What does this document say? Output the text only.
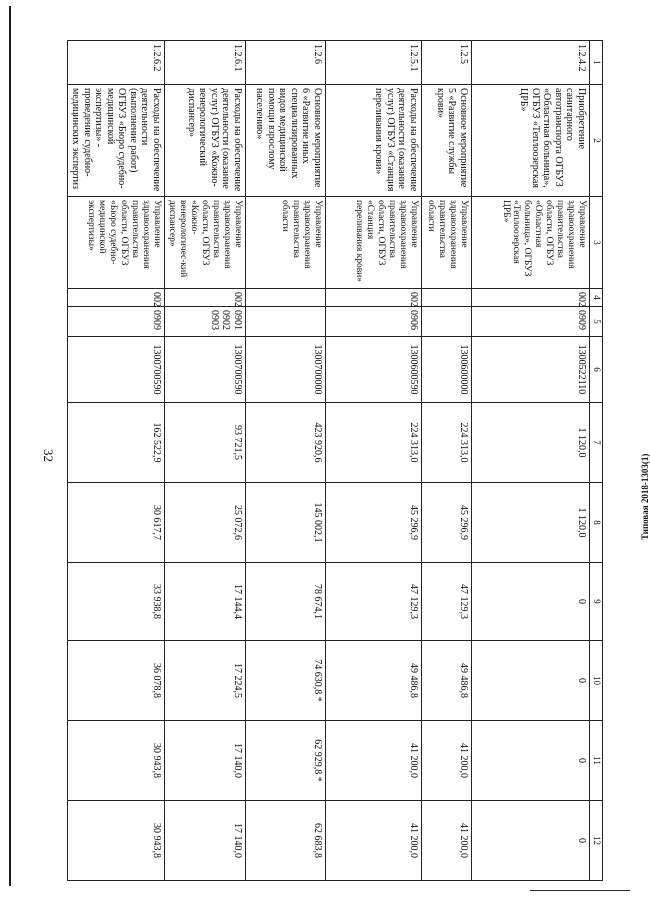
32	Типовая 2018-1303(1)
1	2	3	4	5	6	7	8	9	10	11	12
1.2.4.2	Приобретение санитарного автотранспорта ОГБУЗ «Областная больница», ОГБУЗ «Теплоозерская ЦРБ»	Управление здравоохранения правительства области, ОГБУЗ «Областная больница», ОГБУЗ «Теплоозерская ЦРБ»	002	0909	1300522110	1 120,0	1 120,0	0	0	0	0
1.2.5	Основное мероприятие 5 «Развитие службы крови»	Управление здравоохранения правительства области			1300600000	224 313,0	45 296,9	47 129,3	49 486,8	41 200,0	41 200,0
1.2.5.1	Расходы на обеспечение деятельности (оказание услуг) ОГБУЗ «Станция переливания крови»	Управление здравоохранения правительства области, ОГБУЗ «Станция переливания крови»	002	0906	1300600590	224 313,0	45 296,9	47 129,3	49 486,8	41 200,0	41 200,0
1.2.6	Основное мероприятие 6 «Развитие иных специализированных видов медицинской помощи взрослому населению»	Управление здравоохранения правительства области			1300700000	423 920,6	145 002,1	78 674,1	74 630,8 *	62 929,8 *	62 683,8
1.2.6.1	Расходы на обеспечение деятельности (оказание услуг) ОГБУЗ «Кожно-венерологический диспансер»	Управление здравоохранения правительства области, ОГБУЗ «Кожно-венерологичес-кий диспансер»	002	0901 0902 0903	1300700590	93 721,5	25 072,6	17 144,4	17 224,5	17 140,0	17 140,0
1.2.6.2	Расходы на обеспечение деятельности (выполнение работ) ОГБУЗ «Бюро судебно-медицинской экспертизы» - проведение судебно-медицинских экспертиз	Управление здравоохранения правительства области, ОГБУЗ «Бюро судебно-медицинской экспертизы»	002	0909	1300700590	162 522,9	30 617,7	33 938,8	36 078,8	30 943,8	30 943,8
